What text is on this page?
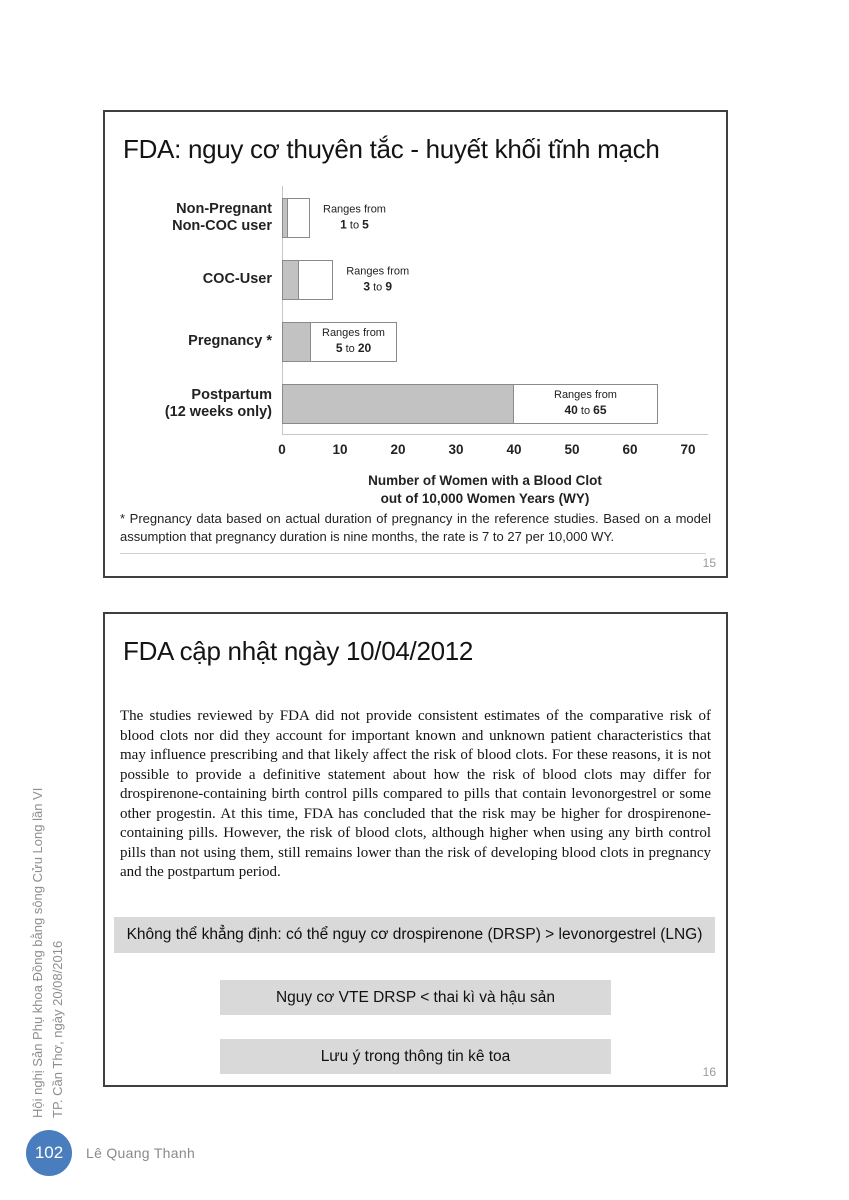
FDA: nguy cơ thuyên tắc - huyết khối tĩnh mạch
Non-Pregnant
Non-COC user
Ranges from
1 to 5
COC-User
Ranges from
3 to 9
Pregnancy *
Ranges from
5 to 20
Postpartum
(12 weeks only)
Ranges from
40 to 65
0	10	20	30	40	50	60	70
Number of Women with a Blood Clot
out of 10,000 Women Years (WY)
* Pregnancy data based on actual duration of pregnancy in the reference studies. Based on a model assumption that pregnancy duration is nine months, the rate is 7 to 27 per 10,000 WY.
15
FDA cập nhật ngày 10/04/2012
The studies reviewed by FDA did not provide consistent estimates of the comparative risk of blood clots nor did they account for important known and unknown patient characteristics that may influence prescribing and that likely affect the risk of blood clots. For these reasons, it is not possible to provide a definitive statement about how the risk of blood clots may differ for drospirenone-containing birth control pills compared to pills that contain levonorgestrel or some other progestin. At this time, FDA has concluded that the risk may be higher for drospirenone-containing pills. However, the risk of blood clots, although higher when using any birth control pills than not using them, still remains lower than the risk of developing blood clots in pregnancy and the postpartum period.
Không thể khẳng định: có thể nguy cơ drospirenone (DRSP) > levonorgestrel (LNG)
Nguy cơ VTE DRSP < thai kì và hậu sản
Lưu ý trong thông tin kê toa
16
Hội nghị Sản Phụ khoa Đồng bằng sông Cửu Long lần VI TP. Cần Thơ, ngày 20/08/2016
102	Lê Quang Thanh
